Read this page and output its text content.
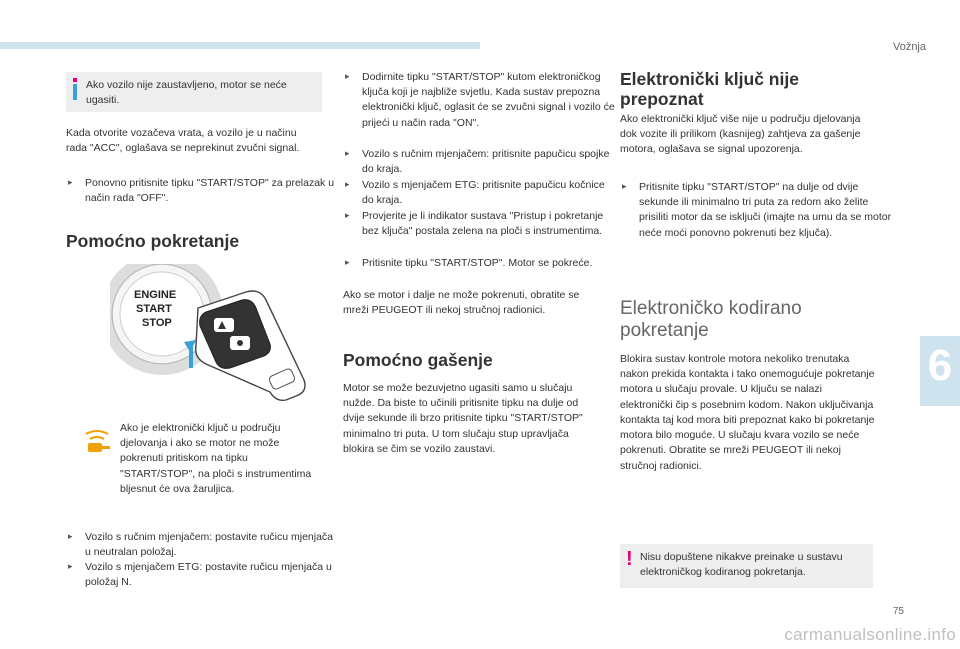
Vožnja

Ako vozilo nije zaustavljeno, motor se neće ugasiti.

Kada otvorite vozačeva vrata, a vozilo je u načinu rada "ACC", oglašava se neprekinut zvučni signal.

▸ Ponovno pritisnite tipku "START/STOP" za prelazak u način rada "OFF".

Pomoćno pokretanje
ENGINE
START
STOP

Ako je elektronički ključ u području djelovanja i ako se motor ne može pokrenuti pritiskom na tipku "START/STOP", na ploči s instrumentima bljesnut će ova žaruljica.

▸ Vozilo s ručnim mjenjačem: postavite ručicu mjenjača u neutralan položaj.

▸ Vozilo s mjenjačem ETG: postavite ručicu mjenjača u položaj N.

▸ Dodirnite tipku "START/STOP" kutom elektroničkog ključa koji je najbliže svjetlu. Kada sustav prepozna elektronički ključ, oglasit će se zvučni signal i vozilo će prijeći u način rada "ON".

▸ Vozilo s ručnim mjenjačem: pritisnite papučicu spojke do kraja.

▸ Vozilo s mjenjačem ETG: pritisnite papučicu kočnice do kraja.

▸ Provjerite je li indikator sustava "Pristup i pokretanje bez ključa" postala zelena na ploči s instrumentima.

▸ Pritisnite tipku "START/STOP". Motor se pokreće.

Ako se motor i dalje ne može pokrenuti, obratite se mreži PEUGEOT ili nekoj stručnoj radionici.

Pomoćno gašenje

Motor se može bezuvjetno ugasiti samo u slučaju nužde. Da biste to učinili pritisnite tipku na dulje od dvije sekunde ili brzo pritisnite tipku "START/STOP" minimalno tri puta. U tom slučaju stup upravljača blokira se čim se vozilo zaustavi.

Elektronički ključ nije prepoznat

Ako elektronički ključ više nije u području djelovanja dok vozite ili prilikom (kasnijeg) zahtjeva za gašenje motora, oglašava se signal upozorenja.

▸ Pritisnite tipku "START/STOP" na dulje od dvije sekunde ili minimalno tri puta za redom ako želite prisiliti motor da se isključi (imajte na umu da se motor neće moći ponovno pokrenuti bez ključa).

Elektroničko kodirano pokretanje

Blokira sustav kontrole motora nekoliko trenutaka nakon prekida kontakta i tako onemogućuje pokretanje motora u slučaju provale. U ključu se nalazi elektronički čip s posebnim kodom. Nakon uključivanja kontakta taj kod mora biti prepoznat kako bi pokretanje motora bilo moguće. U slučaju kvara vozilo se neće pokrenuti. Obratite se mreži PEUGEOT ili nekoj stručnoj radionici.

! Nisu dopuštene nikakve preinake u sustavu elektroničkog kodiranog pokretanja.

6
75
carmanualsonline.info
